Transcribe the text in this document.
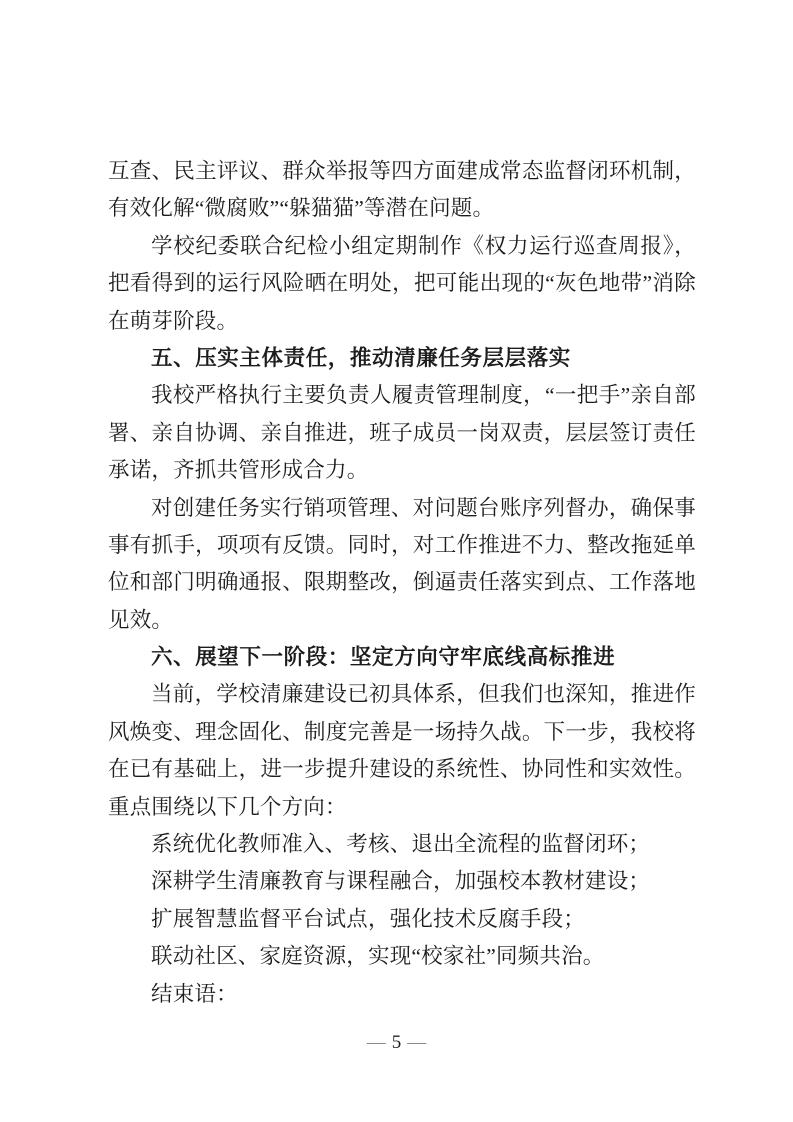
互查、民主评议、群众举报等四方面建成常态监督闭环机制，
有效化解“微腐败”“躲猫猫”等潜在问题。
学校纪委联合纪检小组定期制作《权力运行巡查周报》，
把看得到的运行风险晒在明处，把可能出现的“灰色地带”消除
在萌芽阶段。
五、压实主体责任，推动清廉任务层层落实
我校严格执行主要负责人履责管理制度，“一把手”亲自部
署、亲自协调、亲自推进，班子成员一岗双责，层层签订责任
承诺，齐抓共管形成合力。
对创建任务实行销项管理、对问题台账序列督办，确保事
事有抓手，项项有反馈。同时，对工作推进不力、整改拖延单
位和部门明确通报、限期整改，倒逼责任落实到点、工作落地
见效。
六、展望下一阶段：坚定方向守牢底线高标推进
当前，学校清廉建设已初具体系，但我们也深知，推进作
风焕变、理念固化、制度完善是一场持久战。下一步，我校将
在已有基础上，进一步提升建设的系统性、协同性和实效性。
重点围绕以下几个方向：
系统优化教师准入、考核、退出全流程的监督闭环；
深耕学生清廉教育与课程融合，加强校本教材建设；
扩展智慧监督平台试点，强化技术反腐手段；
联动社区、家庭资源，实现“校家社”同频共治。
结束语：
— 5 —
